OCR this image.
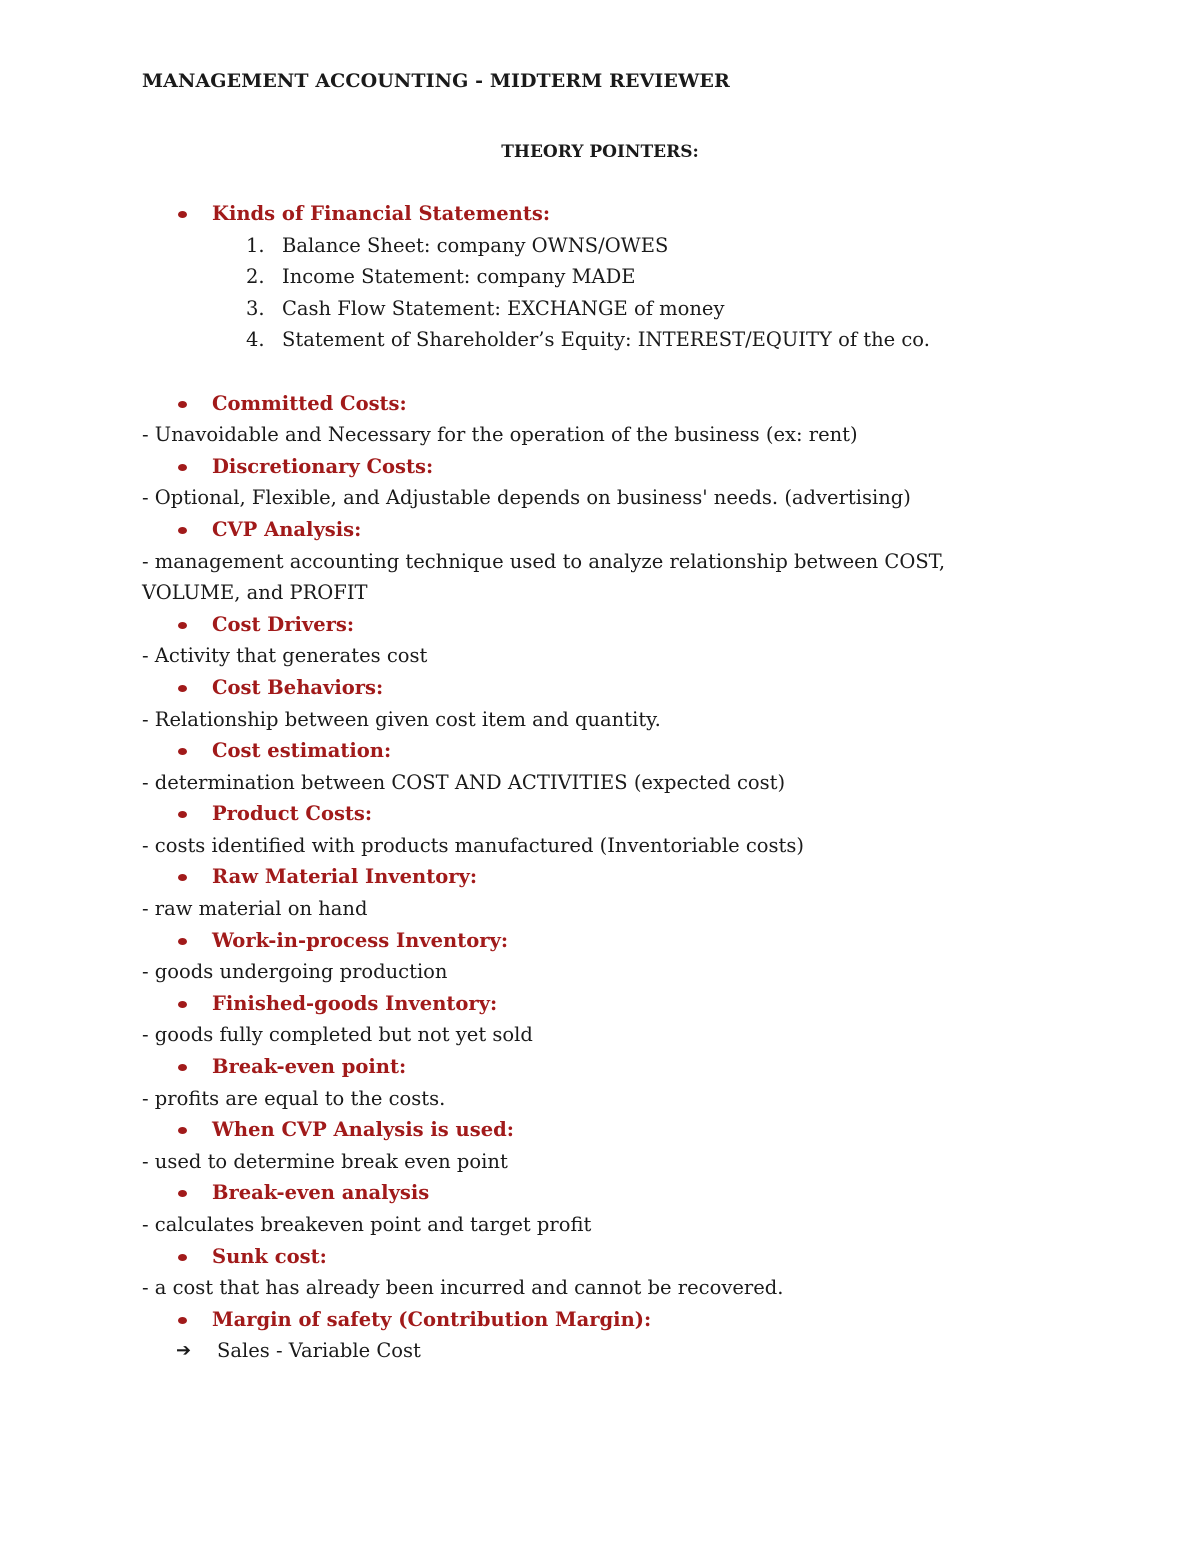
MANAGEMENT ACCOUNTING - MIDTERM REVIEWER
THEORY POINTERS:
Kinds of Financial Statements:
1. Balance Sheet: company OWNS/OWES
2. Income Statement: company MADE
3. Cash Flow Statement: EXCHANGE of money
4. Statement of Shareholder’s Equity: INTEREST/EQUITY of the co.
Committed Costs:
- Unavoidable and Necessary for the operation of the business (ex: rent)
Discretionary Costs:
- Optional, Flexible, and Adjustable depends on business' needs. (advertising)
CVP Analysis:
- management accounting technique used to analyze relationship between COST, VOLUME, and PROFIT
Cost Drivers:
- Activity that generates cost
Cost Behaviors:
- Relationship between given cost item and quantity.
Cost estimation:
- determination between COST AND ACTIVITIES (expected cost)
Product Costs:
- costs identified with products manufactured (Inventoriable costs)
Raw Material Inventory:
- raw material on hand
Work-in-process Inventory:
- goods undergoing production
Finished-goods Inventory:
- goods fully completed but not yet sold
Break-even point:
- profits are equal to the costs.
When CVP Analysis is used:
- used to determine break even point
Break-even analysis
- calculates breakeven point and target profit
Sunk cost:
- a cost that has already been incurred and cannot be recovered.
Margin of safety (Contribution Margin):
➔ Sales - Variable Cost
